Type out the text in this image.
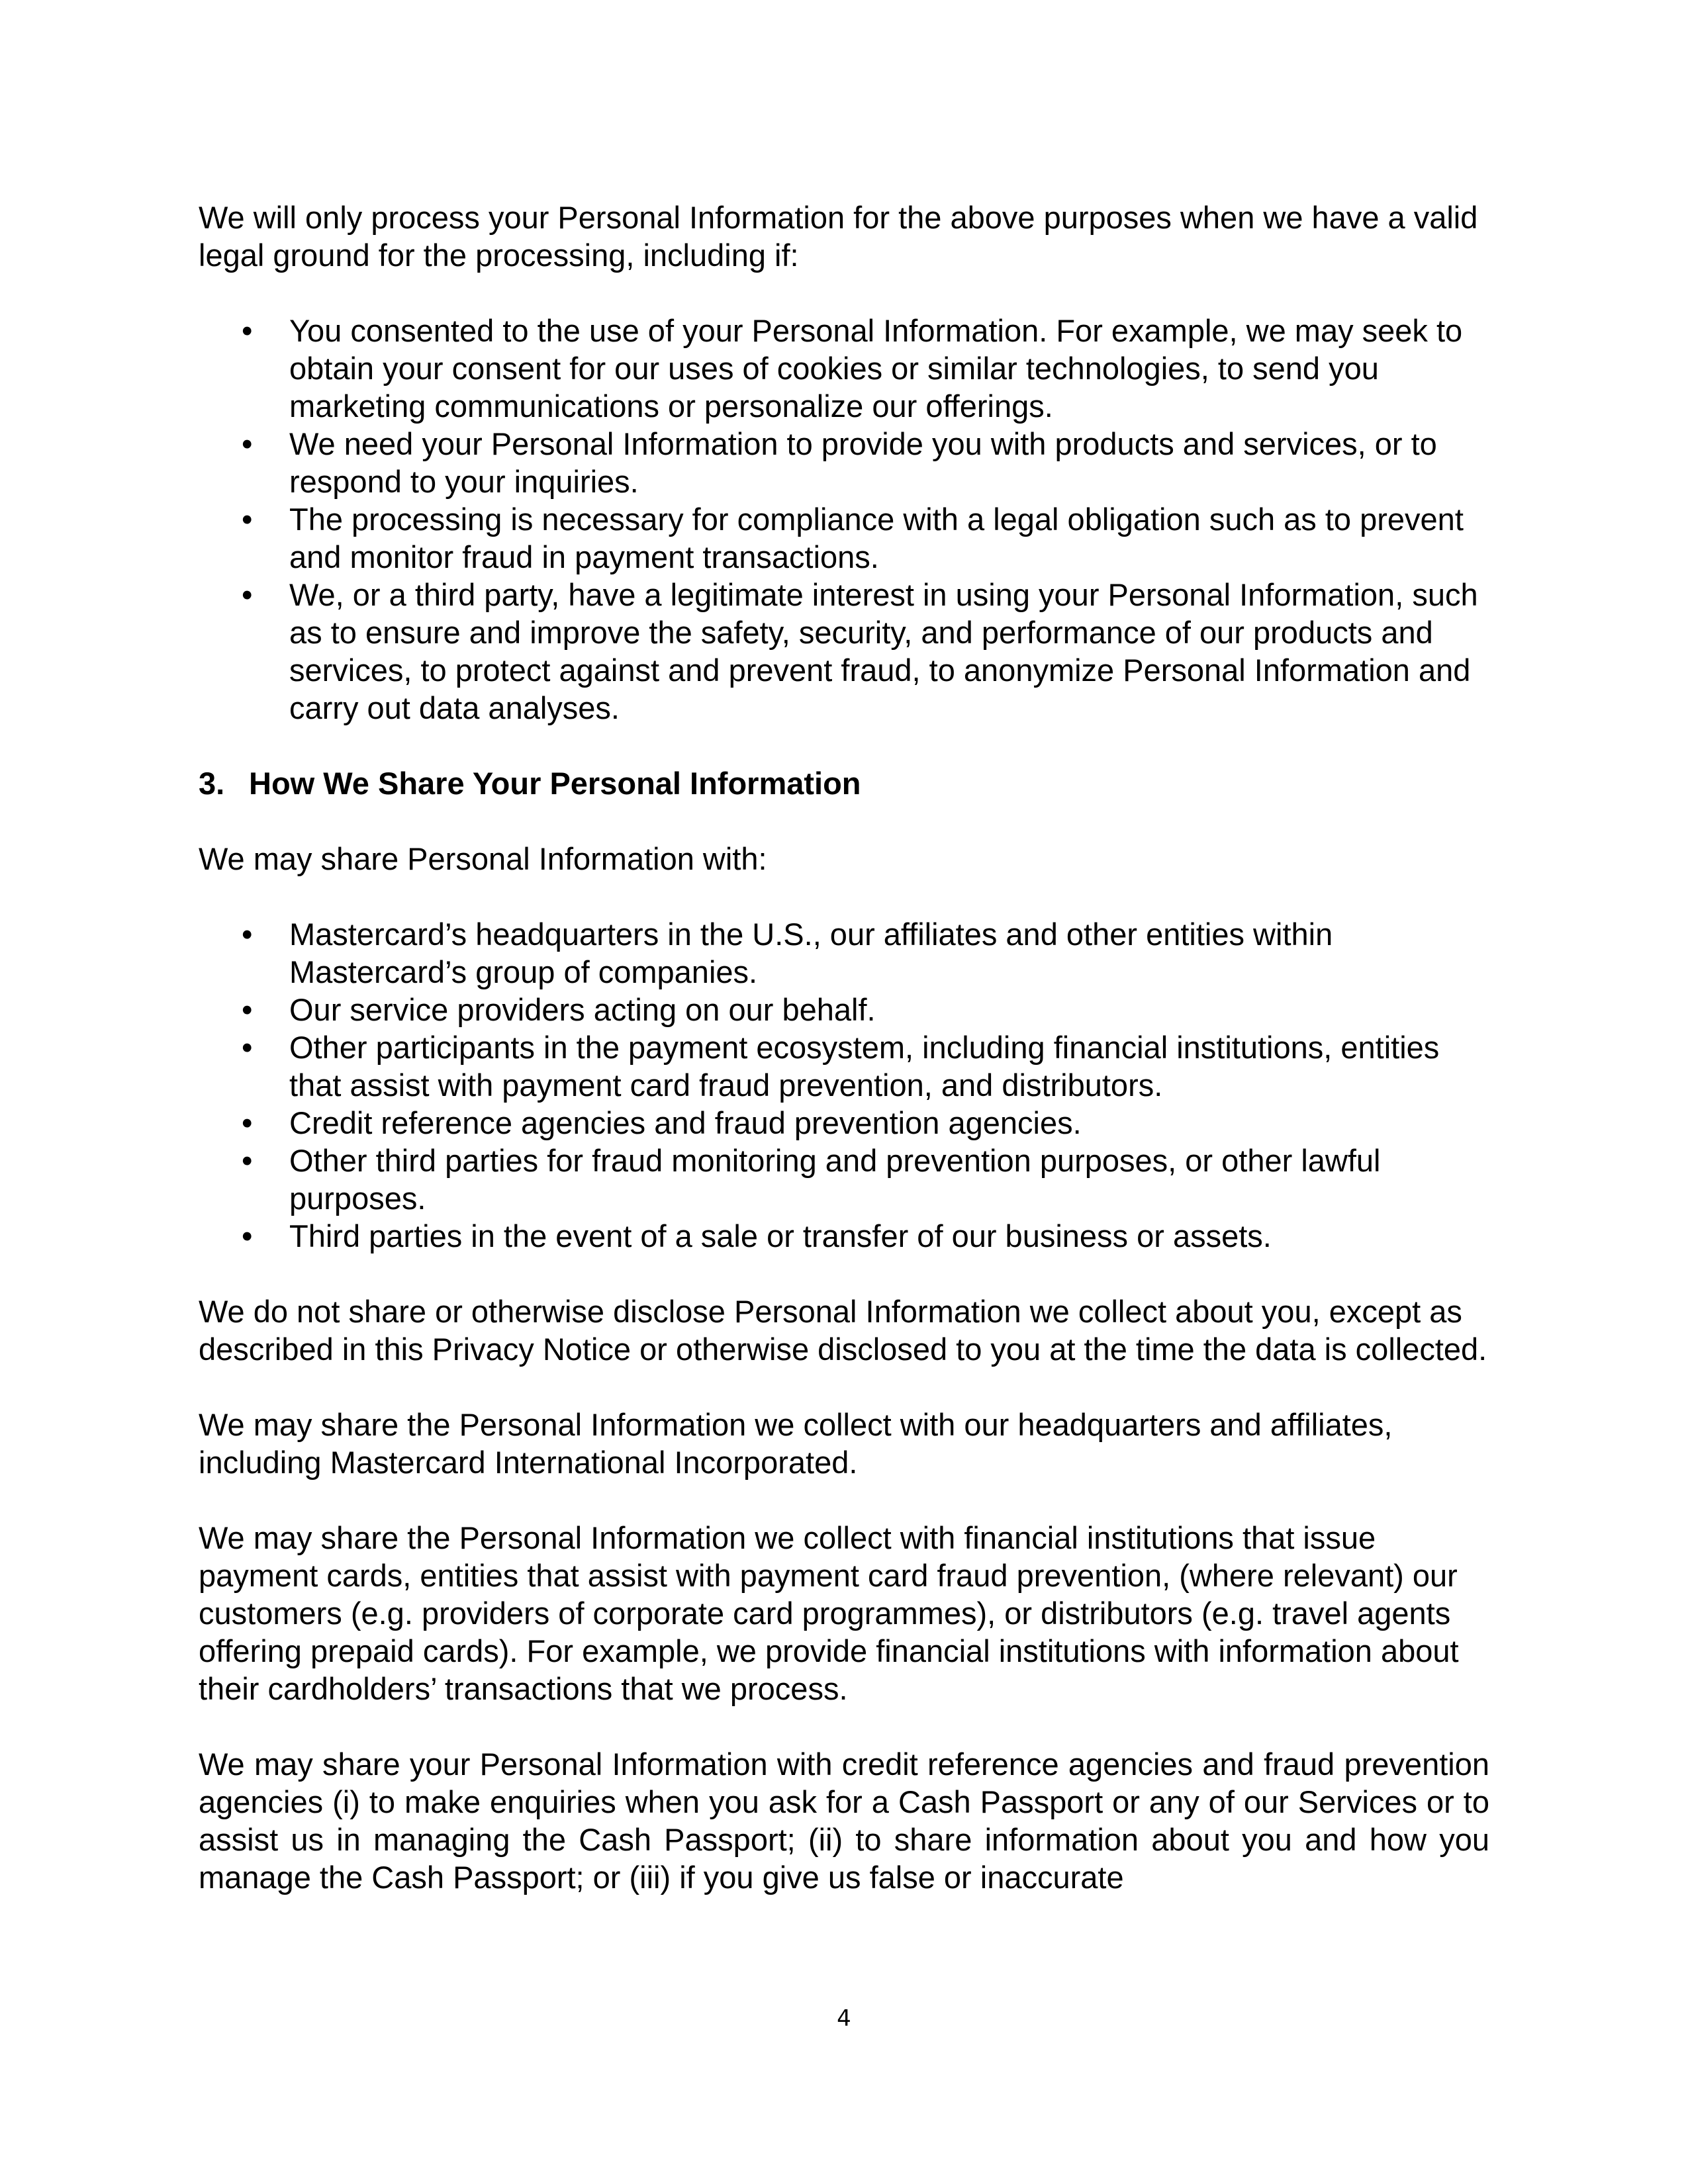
We will only process your Personal Information for the above purposes when we have a valid legal ground for the processing, including if:

•	You consented to the use of your Personal Information. For example, we may seek to obtain your consent for our uses of cookies or similar technologies, to send you marketing communications or personalize our offerings.
•	We need your Personal Information to provide you with products and services, or to respond to your inquiries.
•	The processing is necessary for compliance with a legal obligation such as to prevent and monitor fraud in payment transactions.
•	We, or a third party, have a legitimate interest in using your Personal Information, such as to ensure and improve the safety, security, and performance of our products and services, to protect against and prevent fraud, to anonymize Personal Information and carry out data analyses.
3. How We Share Your Personal Information

We may share Personal Information with:

•	Mastercard’s headquarters in the U.S., our affiliates and other entities within Mastercard’s group of companies.
•	Our service providers acting on our behalf.
•	Other participants in the payment ecosystem, including financial institutions, entities that assist with payment card fraud prevention, and distributors.
•	Credit reference agencies and fraud prevention agencies.
•	Other third parties for fraud monitoring and prevention purposes, or other lawful purposes.
•	Third parties in the event of a sale or transfer of our business or assets.

We do not share or otherwise disclose Personal Information we collect about you, except as described in this Privacy Notice or otherwise disclosed to you at the time the data is collected.

We may share the Personal Information we collect with our headquarters and affiliates, including Mastercard International Incorporated.

We may share the Personal Information we collect with financial institutions that issue payment cards, entities that assist with payment card fraud prevention, (where relevant) our customers (e.g. providers of corporate card programmes), or distributors (e.g. travel agents offering prepaid cards). For example, we provide financial institutions with information about their cardholders’ transactions that we process.

We may share your Personal Information with credit reference agencies and fraud prevention agencies (i) to make enquiries when you ask for a Cash Passport or any of our Services or to assist us in managing the Cash Passport; (ii) to share information about you and how you manage the Cash Passport; or (iii) if you give us false or inaccurate

4
